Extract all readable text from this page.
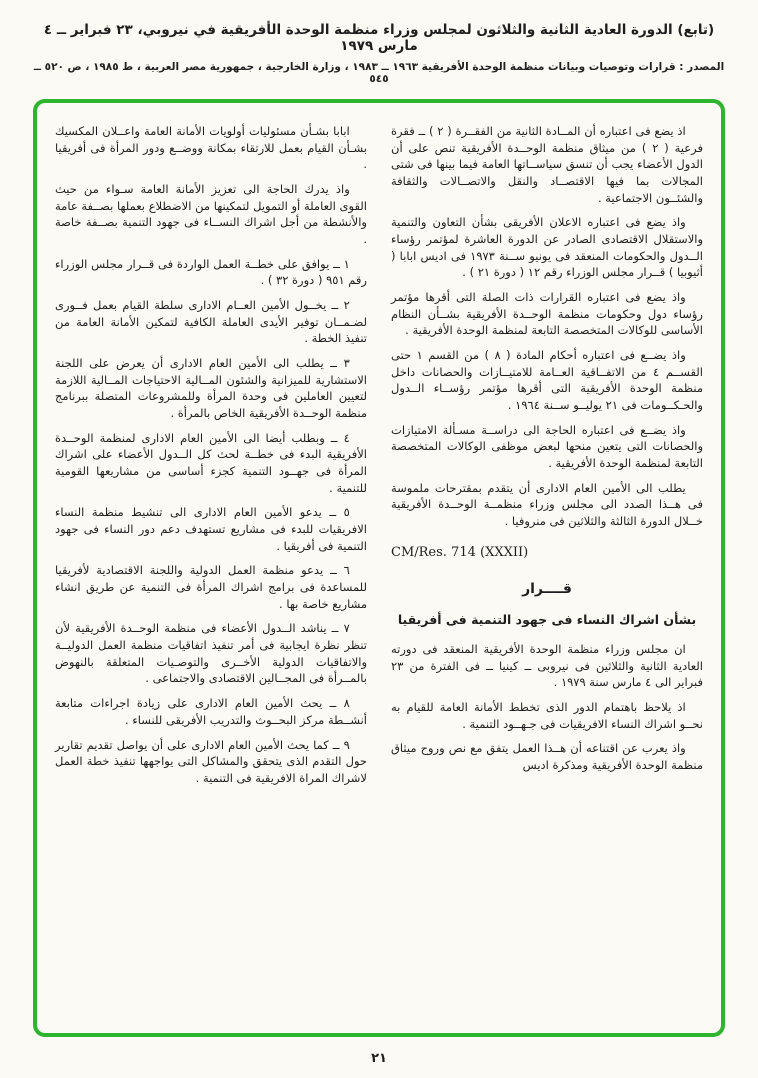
(تابع) الدورة العادية الثانية والثلاثون لمجلس وزراء منظمة الوحدة الأفريقية في نيروبي، ٢٣ فبراير ــ ٤ مارس ١٩٧٩
المصدر : قرارات وتوصيات وبيانات منظمة الوحدة الأفريقية ١٩٦٣ ــ ١٩٨٣ ، وزارة الخارجية ، جمهورية مصر العربية ، ط ١٩٨٥ ، ص ٥٢٠ ــ ٥٤٥

اذ يضع فى اعتباره أن المــادة الثانية من الفقــرة ( ٢ ) ــ فقرة فرعية ( ٢ ) من ميثاق منظمة الوحــدة الأفريقية تنص على أن الدول الأعضاء يجب أن تنسق سياســاتها العامة فيما بينها فى شتى المجالات بما فيها الاقتصــاد والنقل والاتصــالات والثقافة والشئــون الاجتماعية .

واذ يضع فى اعتباره الاعلان الأفريقى بشأن التعاون والتنمية والاستقلال الاقتصادى الصادر عن الدورة العاشرة لمؤتمر رؤساء الــدول والحكومات المنعقد فى يونيو ســنة ١٩٧٣ فى اديس ابابا ( أثيوبيا ) قــرار مجلس الوزراء رقم ١٢ ( دورة ٢١ ) .

واذ يضع فى اعتباره القرارات ذات الصلة التى أقرها مؤتمر رؤساء دول وحكومات منظمة الوحــدة الأفريقية بشــأن النظام الأساسى للوكالات المتخصصة التابعة لمنظمة الوحدة الأفريقية .

واذ يضــع فى اعتباره أحكام المادة ( ٨ ) من القسم ١ حتى القســم ٤ من الاتفــاقية العــامة للامتيــازات والحصانات داخل منظمة الوحدة الأفريقية التى أقرها مؤتمر رؤســاء الــدول والحـكــومات فى ٢١ يوليــو ســنة ١٩٦٤ .

واذ يضــع فى اعتباره الحاجة الى دراســة مسـألة الامتيازات والحصانات التى يتعين منحها لبعض موظفى الوكالات المتخصصة التابعة لمنظمة الوحدة الأفريقية .

يطلب الى الأمين العام الادارى أن يتقدم بمقترحات ملموسة فى هــذا الصدد الى مجلس وزراء منظمــة الوحــدة الأفريقية خــلال الدورة الثالثة والثلاثين فى منروفيا .

CM/Res. 714 (XXXII)
قــــرار
بشأن اشراك النساء فى جهود التنمية فى أفريقيا

ان مجلس وزراء منظمة الوحدة الأفريقية المنعقد فى دورته العادية الثانية والثلاثين فى نيروبى ــ كينيا ــ فى الفترة من ٢٣ فبراير الى ٤ مارس سنة ١٩٧٩ .

اذ يلاحظ باهتمام الدور الذى تخطط الأمانة العامة للقيام به نحــو اشراك النساء الافريقيات فى جـهــود التنمية .

واذ يعرب عن اقتناعه أن هــذا العمل يتفق مع نص وروح ميثاق منظمة الوحدة الأفريقية ومذكرة اديس

ابابا بشـأن مسئوليات أولويات الأمانة العامة واعــلان المكسيك بشـأن القيام بعمل للارتقاء بمكانة ووضــع ودور المرأة فى أفريقيا .

واذ يدرك الحاجة الى تعزيز الأمانة العامة سـواء من حيث القوى العاملة أو التمويل لتمكينها من الاضطلاع بعملها بصــفة عامة والأنشطة من أجل اشراك النســاء فى جهود التنمية بصــفة خاصة .

١ ــ يوافق على خطــة العمل الواردة فى قــرار مجلس الوزراء رقم ٩٥١ ( دورة ٣٢ ) .

٢ ــ يخــول الأمين العــام الادارى سلطة القيام بعمل فــورى لضـمــان توفير الأيدى العاملة الكافية لتمكين الأمانة العامة من تنفيذ الخطة .

٣ ــ يطلب الى الأمين العام الادارى أن يعرض على اللجنة الاستشارية للميزانية والشئون المــالية الاحتياجات المــالية اللازمة لتعيين العاملين فى وحدة المرأة وللمشروعات المتصلة ببرنامج منظمة الوحــدة الأفريقية الخاص بالمرأة .

٤ ــ وبطلب أيضا الى الأمين العام الادارى لمنظمة الوحــدة الأفريقية البدء فى خطــة لحث كل الــدول الأعضاء على اشراك المرأة فى جهــود التنمية كجزء أساسى من مشاريعها القومية للتنمية .

٥ ــ يدعو الأمين العام الادارى الى تنشيط منظمة النساء الافريقيات للبدء فى مشاريع تستهدف دعم دور النساء فى جهود التنمية فى أفريقيا .

٦ ــ يدعو منظمة العمل الدولية واللجنة الاقتصادية لأفريقيا للمساعدة فى برامج اشراك المرأة فى التنمية عن طريق انشاء مشاريع خاصة بها .

٧ ــ يناشد الــدول الأعضاء فى منظمة الوحــدة الأفريقية لأن تنظر نظرة ايجابية فى أمر تنفيذ اتفاقيات منظمة العمل الدوليــة والاتفاقيات الدولية الأخــرى والتوصـيات المتعلقة بالنهوض بالمــرأة فى المجــالين الاقتصادى والاجتماعى .

٨ ــ يحث الأمين العام الادارى على زيادة اجراءات متابعة أنشــطة مركز البحــوث والتدريب الأفريقى للنساء .

٩ ــ كما يحث الأمين العام الادارى على أن يواصل تقديم تقارير حول التقدم الذى يتحقق والمشاكل التى يواجهها تنفيذ خطة العمل لاشراك المراة الافريقية فى التنمية .

٢١
